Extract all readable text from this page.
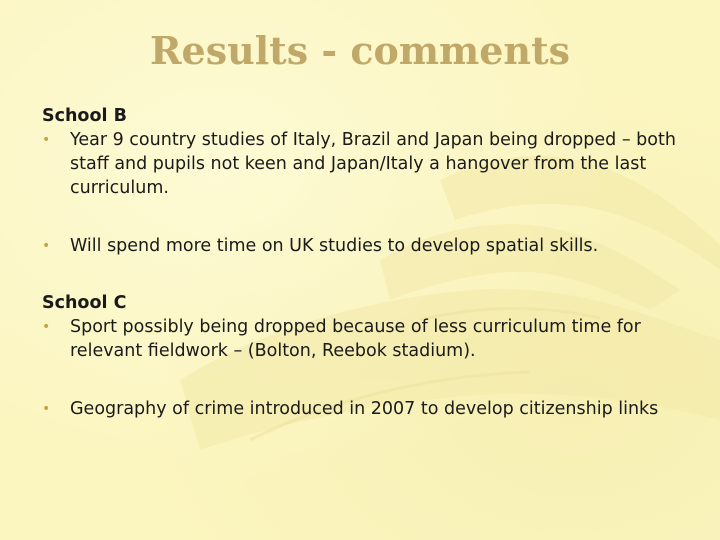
Results - comments

School B

• Year 9 country studies of Italy, Brazil and Japan being dropped – both staff and pupils not keen and Japan/Italy a hangover from the last curriculum.
• Will spend more time on UK studies to develop spatial skills.

School C

• Sport possibly being dropped because of less curriculum time for relevant fieldwork – (Bolton, Reebok stadium).
• Geography of crime introduced in 2007 to develop citizenship links
